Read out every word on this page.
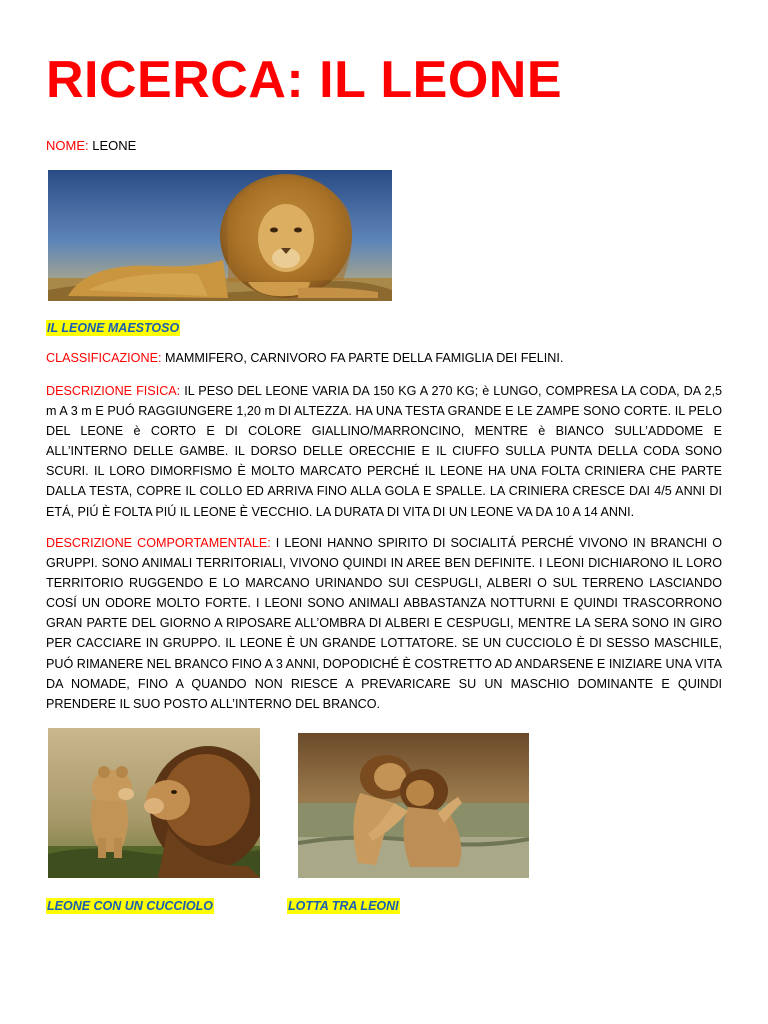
RICERCA: IL LEONE
NOME: LEONE
IL LEONE MAESTOSO

CLASSIFICAZIONE: MAMMIFERO, CARNIVORO FA PARTE DELLA FAMIGLIA DEI FELINI.

DESCRIZIONE FISICA: IL PESO DEL LEONE VARIA DA 150 KG A 270 KG; è LUNGO, COMPRESA LA CODA, DA 2,5 m A 3 m E PUÓ RAGGIUNGERE 1,20 m DI ALTEZZA. HA UNA TESTA GRANDE E LE ZAMPE SONO CORTE. IL PELO DEL LEONE è CORTO E DI COLORE GIALLINO/MARRONCINO, MENTRE è BIANCO SULL’ADDOME E ALL’INTERNO DELLE GAMBE. IL DORSO DELLE ORECCHIE E IL CIUFFO SULLA PUNTA DELLA CODA SONO SCURI. IL LORO DIMORFISMO È MOLTO MARCATO PERCHÉ IL LEONE HA UNA FOLTA CRINIERA CHE PARTE DALLA TESTA, COPRE IL COLLO ED ARRIVA FINO ALLA GOLA E SPALLE. LA CRINIERA CRESCE DAI 4/5 ANNI DI ETÁ, PIÚ È FOLTA PIÚ IL LEONE È VECCHIO. LA DURATA DI VITA DI UN LEONE VA DA 10 A 14 ANNI.

DESCRIZIONE COMPORTAMENTALE: I LEONI HANNO SPIRITO DI SOCIALITÁ PERCHÉ VIVONO IN BRANCHI O GRUPPI. SONO ANIMALI TERRITORIALI, VIVONO QUINDI IN AREE BEN DEFINITE. I LEONI DICHIARONO IL LORO TERRITORIO RUGGENDO E LO MARCANO URINANDO SUI CESPUGLI, ALBERI O SUL TERRENO LASCIANDO COSÍ UN ODORE MOLTO FORTE. I LEONI SONO ANIMALI ABBASTANZA NOTTURNI E QUINDI TRASCORRONO GRAN PARTE DEL GIORNO A RIPOSARE ALL’OMBRA DI ALBERI E CESPUGLI, MENTRE LA SERA SONO IN GIRO PER CACCIARE IN GRUPPO. IL LEONE È UN GRANDE LOTTATORE. SE UN CUCCIOLO È DI SESSO MASCHILE, PUÓ RIMANERE NEL BRANCO FINO A 3 ANNI, DOPODICHÉ È COSTRETTO AD ANDARSENE E INIZIARE UNA VITA DA NOMADE, FINO A QUANDO NON RIESCE A PREVARICARE SU UN MASCHIO DOMINANTE E QUINDI PRENDERE IL SUO POSTO ALL’INTERNO DEL BRANCO.

LEONE CON UN CUCCIOLO	LOTTA TRA LEONI
